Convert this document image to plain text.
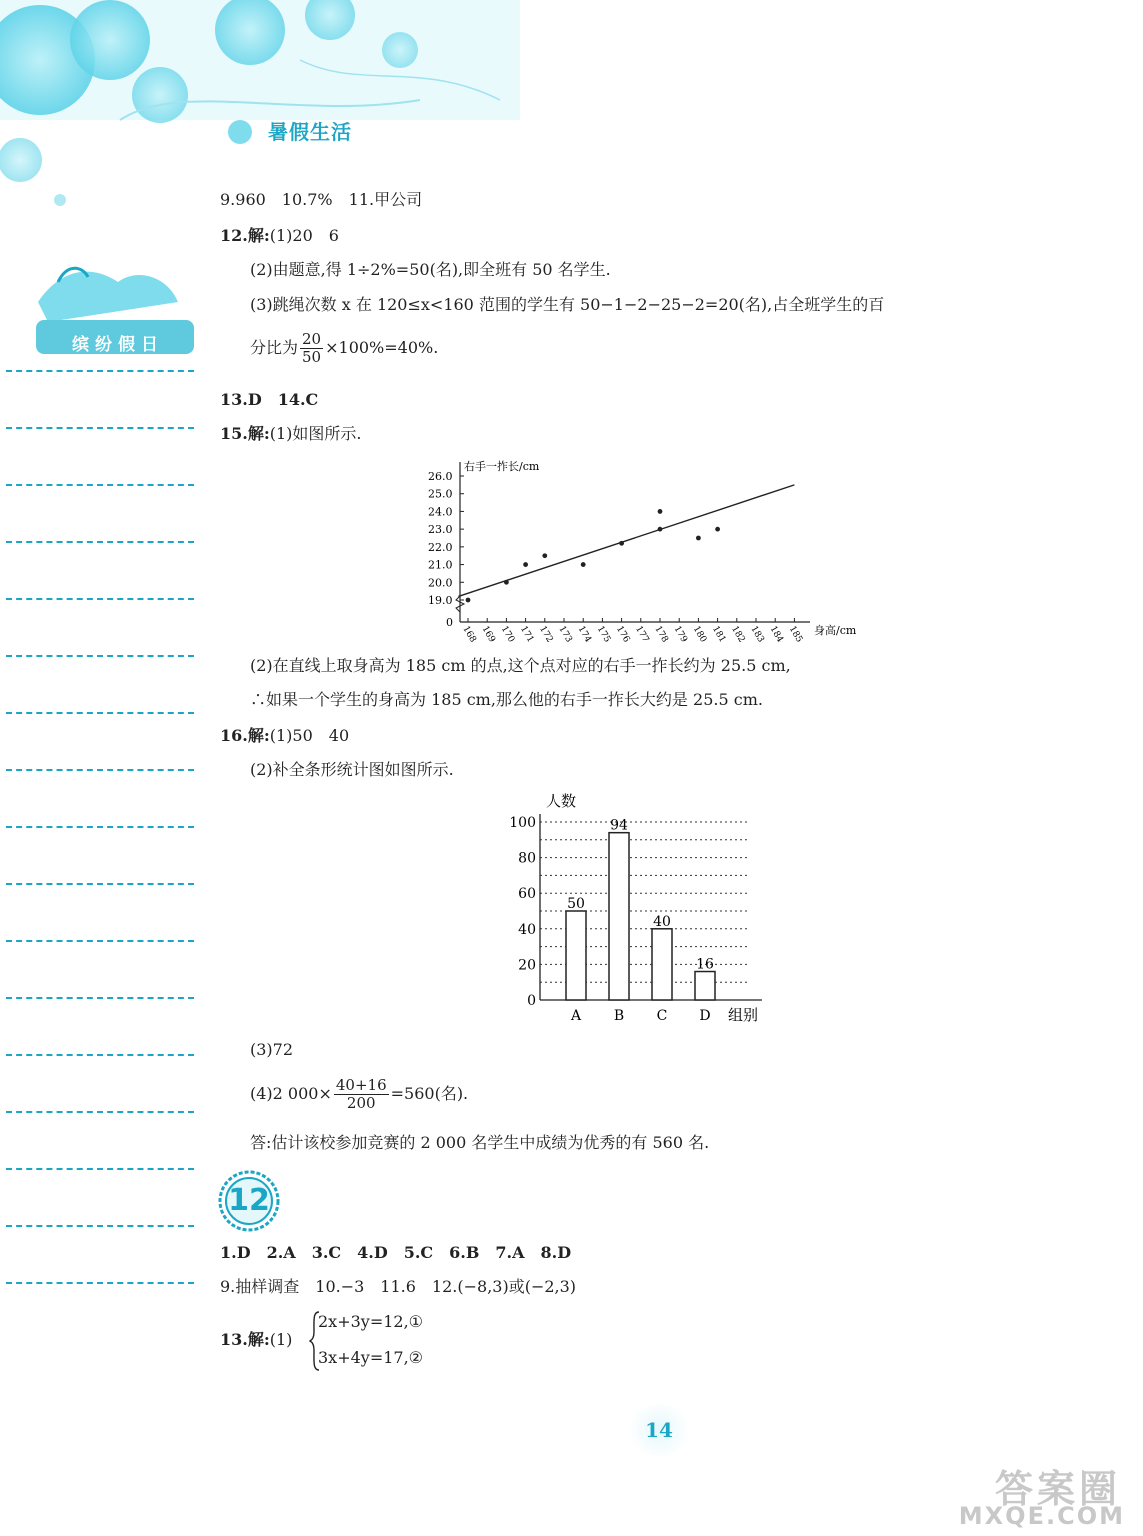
暑假生活
缤纷假日
9.960　10.7%　11.甲公司
12.解:(1)20　6
(2)由题意,得 1÷2%=50(名),即全班有 50 名学生.
(3)跳绳次数 x 在 120≤x<160 范围的学生有 50−1−2−25−2=20(名),占全班学生的百
分比为 $\frac{20}{50} \times 100\%=40\%$.
13.D　14.C
15.解:(1)如图所示.
右手一拃长/cm
身高/cm
0
19.0
20.0
21.0
22.0
23.0
24.0
25.0
26.0
168 169 170 171 172 173 174 175 176 177 178 179 180 181 182 183 184 185
(2)在直线上取身高为 185 cm 的点,这个点对应的右手一拃长约为 25.5 cm,
∴如果一个学生的身高为 185 cm,那么他的右手一拃长大约是 25.5 cm.
16.解:(1)50　40
(2)补全条形统计图如图所示.
人数
组别
0
20
40
60
80
100
50
A
94
B
40
C
16
D
(3)72
(4)2 $000\times \frac{40+16}{200} =560$(名).
答:估计该校参加竞赛的 2 000 名学生中成绩为优秀的有 560 名.
12
1.D　2.A　3.C　4.D　5.C　6.B　7.A　8.D
9.抽样调查　10.−3　11.6　12.(−8,3)或(−2,3)
13.解:(1)
2x+3y=12,①
3x+4y=17,②
14
答案圈
MXQE.COM
